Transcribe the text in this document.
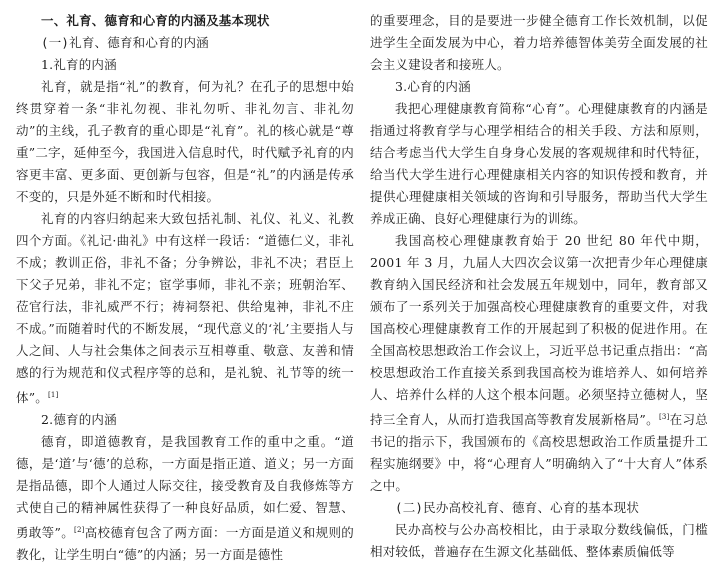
一、礼育、德育和心育的内涵及基本现状

(一)礼育、德育和心育的内涵

1.礼育的内涵

礼育，就是指“礼”的教育，何为礼？在孔子的思想中始终贯穿着一条“非礼勿视、非礼勿听、非礼勿言、非礼勿动”的主线，孔子教育的重心即是“礼育”。礼的核心就是“尊重”二字，延伸至今，我国进入信息时代，时代赋予礼育的内容更丰富、更多面、更创新与包容，但是“礼”的内涵是传承不变的，只是外延不断和时代相接。

礼育的内容归纳起来大致包括礼制、礼仪、礼义、礼教四个方面。《礼记·曲礼》中有这样一段话：“道德仁义，非礼不成；教训正俗，非礼不备；分争辨讼，非礼不决；君臣上下父子兄弟，非礼不定；宦学事师，非礼不亲；班朝治军、莅官行法，非礼威严不行；祷祠祭祀、供给鬼神，非礼不庄不成。”而随着时代的不断发展，“现代意义的‘礼’主要指人与人之间、人与社会集体之间表示互相尊重、敬意、友善和情感的行为规范和仪式程序等的总和，是礼貌、礼节等的统一体”。[1]

2.德育的内涵

德育，即道德教育，是我国教育工作的重中之重。“道德，是‘道’与‘德’的总称，一方面是指正道、道义；另一方面是指品德，即个人通过人际交往，接受教育及自我修炼等方式使自己的精神属性获得了一种良好品质，如仁爱、智慧、勇敢等”。[2]高校德育包含了两方面：一方面是道义和规则的教化，让学生明白“德”的内涵；另一方面是德性

的重要理念，目的是要进一步健全德育工作长效机制，以促进学生全面发展为中心，着力培养德智体美劳全面发展的社会主义建设者和接班人。

3.心育的内涵

我把心理健康教育简称“心育”。心理健康教育的内涵是指通过将教育学与心理学相结合的相关手段、方法和原则，结合考虑当代大学生自身身心发展的客观规律和时代特征，给当代大学生进行心理健康相关内容的知识传授和教育，并提供心理健康相关领域的咨询和引导服务，帮助当代大学生养成正确、良好心理健康行为的训练。

我国高校心理健康教育始于 20 世纪 80 年代中期，2001 年 3 月，九届人大四次会议第一次把青少年心理健康教育纳入国民经济和社会发展五年规划中，同年，教育部又颁布了一系列关于加强高校心理健康教育的重要文件，对我国高校心理健康教育工作的开展起到了积极的促进作用。在全国高校思想政治工作会议上，习近平总书记重点指出：“高校思想政治工作直接关系到我国高校为谁培养人、如何培养人、培养什么样的人这个根本问题。必须坚持立德树人，坚持三全育人，从而打造我国高等教育发展新格局”。[3]在习总书记的指示下，我国颁布的《高校思想政治工作质量提升工程实施纲要》中，将“心理育人”明确纳入了“十大育人”体系之中。

(二)民办高校礼育、德育、心育的基本现状

民办高校与公办高校相比，由于录取分数线偏低，门槛相对较低，普遍存在生源文化基础低、整体素质偏低等
